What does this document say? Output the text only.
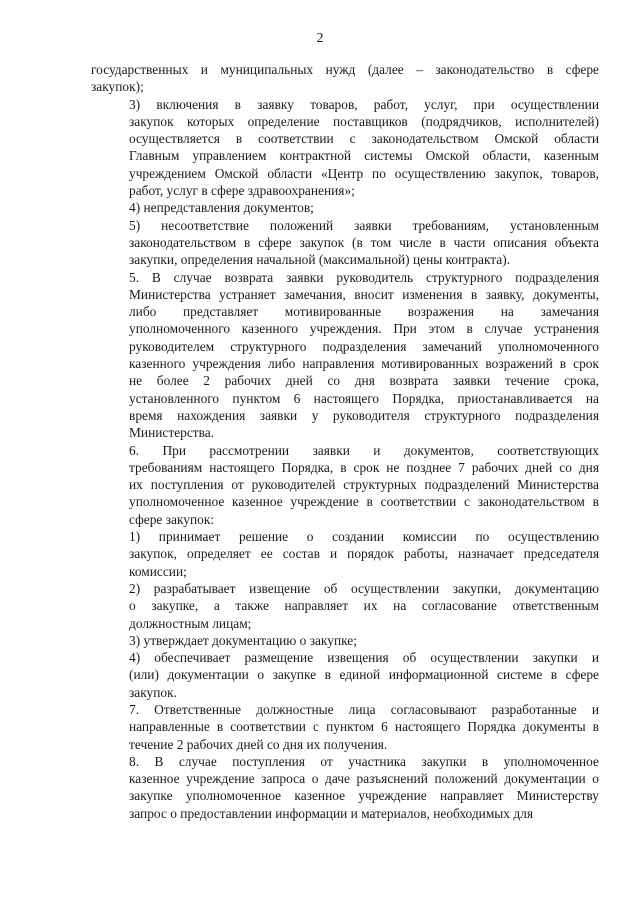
2
государственных и муниципальных нужд (далее – законодательство в сфере
закупок);
3) включения в заявку товаров, работ, услуг, при осуществлении
закупок которых определение поставщиков (подрядчиков, исполнителей)
осуществляется в соответствии с законодательством Омской области
Главным управлением контрактной системы Омской области, казенным
учреждением Омской области «Центр по осуществлению закупок, товаров,
работ, услуг в сфере здравоохранения»;
4) непредставления документов;
5) несоответствие положений заявки требованиям, установленным
законодательством в сфере закупок (в том числе в части описания объекта
закупки, определения начальной (максимальной) цены контракта).
5. В случае возврата заявки руководитель структурного подразделения
Министерства устраняет замечания, вносит изменения в заявку, документы,
либо представляет мотивированные возражения на замечания
уполномоченного казенного учреждения. При этом в случае устранения
руководителем структурного подразделения замечаний уполномоченного
казенного учреждения либо направления мотивированных возражений в срок
не более 2 рабочих дней со дня возврата заявки течение срока,
установленного пунктом 6 настоящего Порядка, приостанавливается на
время нахождения заявки у руководителя структурного подразделения
Министерства.
6. При рассмотрении заявки и документов, соответствующих
требованиям настоящего Порядка, в срок не позднее 7 рабочих дней со дня
их поступления от руководителей структурных подразделений Министерства
уполномоченное казенное учреждение в соответствии с законодательством в
сфере закупок:
1) принимает решение о создании комиссии по осуществлению
закупок, определяет ее состав и порядок работы, назначает председателя
комиссии;
2) разрабатывает извещение об осуществлении закупки, документацию
о закупке, а также направляет их на согласование ответственным
должностным лицам;
3) утверждает документацию о закупке;
4) обеспечивает размещение извещения об осуществлении закупки и
(или) документации о закупке в единой информационной системе в сфере
закупок.
7. Ответственные должностные лица согласовывают разработанные и
направленные в соответствии с пунктом 6 настоящего Порядка документы в
течение 2 рабочих дней со дня их получения.
8. В случае поступления от участника закупки в уполномоченное
казенное учреждение запроса о даче разъяснений положений документации о
закупке уполномоченное казенное учреждение направляет Министерству
запрос о предоставлении информации и материалов, необходимых для
